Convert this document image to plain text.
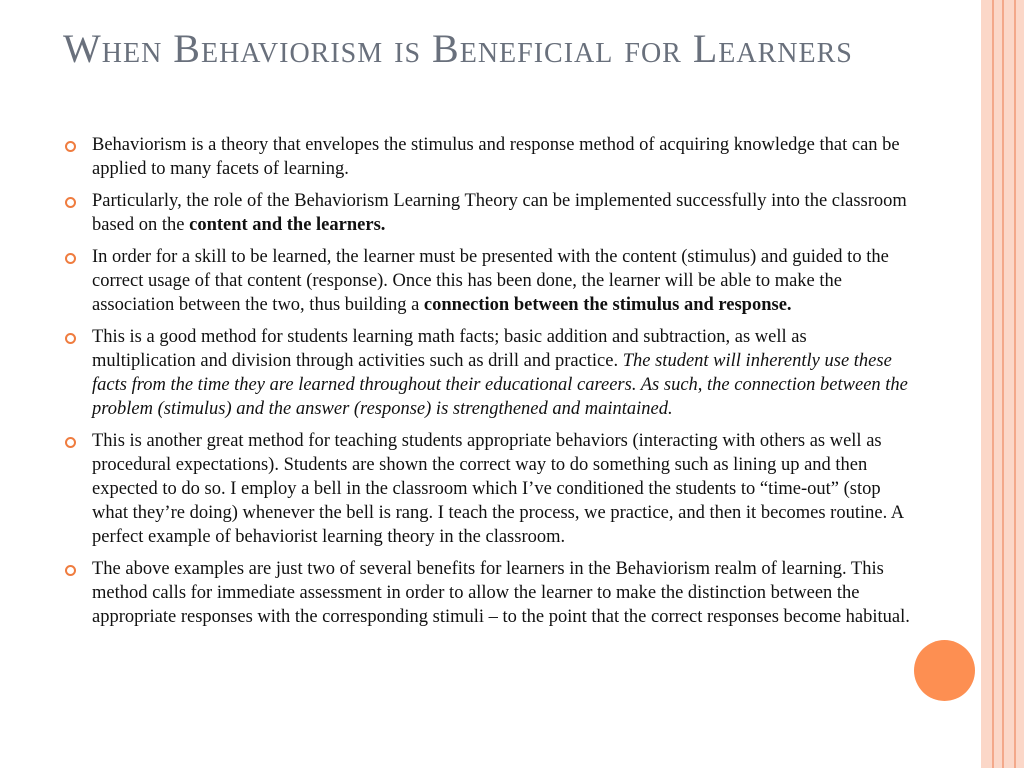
When Behaviorism is Beneficial for Learners
Behaviorism is a theory that envelopes the stimulus and response method of acquiring knowledge that can be applied to many facets of learning.
Particularly, the role of the Behaviorism Learning Theory can be implemented successfully into the classroom based on the content and the learners.
In order for a skill to be learned, the learner must be presented with the content (stimulus) and guided to the correct usage of that content (response). Once this has been done, the learner will be able to make the association between the two, thus building a connection between the stimulus and response.
This is a good method for students learning math facts; basic addition and subtraction, as well as multiplication and division through activities such as drill and practice. The student will inherently use these facts from the time they are learned throughout their educational careers. As such, the connection between the problem (stimulus) and the answer (response) is strengthened and maintained.
This is another great method for teaching students appropriate behaviors (interacting with others as well as procedural expectations). Students are shown the correct way to do something such as lining up and then expected to do so. I employ a bell in the classroom which I’ve conditioned the students to “time-out” (stop what they’re doing) whenever the bell is rang. I teach the process, we practice, and then it becomes routine. A perfect example of behaviorist learning theory in the classroom.
The above examples are just two of several benefits for learners in the Behaviorism realm of learning. This method calls for immediate assessment in order to allow the learner to make the distinction between the appropriate responses with the corresponding stimuli – to the point that the correct responses become habitual.
